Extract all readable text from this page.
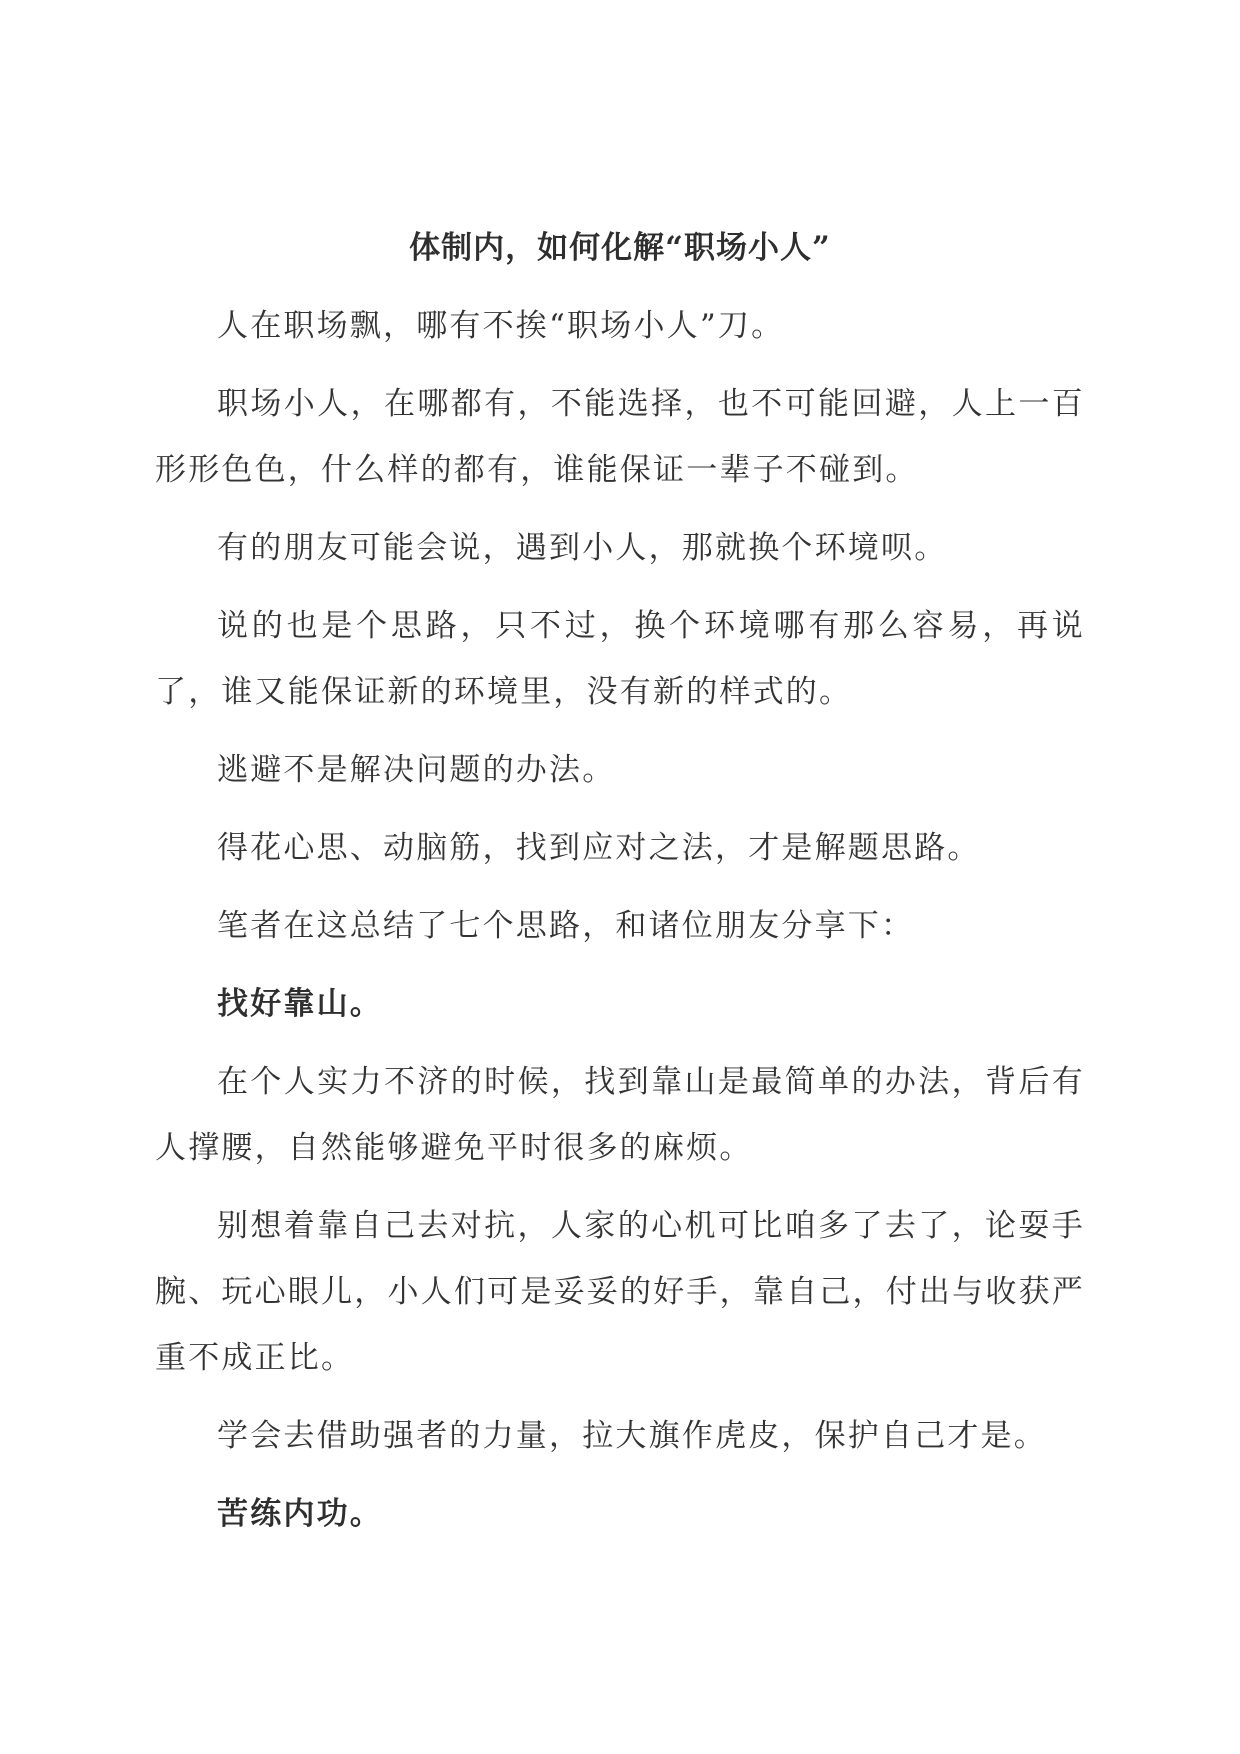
体制内，如何化解“职场小人”

人在职场飘，哪有不挨“职场小人”刀。

职场小人，在哪都有，不能选择，也不可能回避，人上一百形形色色，什么样的都有，谁能保证一辈子不碰到。

有的朋友可能会说，遇到小人，那就换个环境呗。

说的也是个思路，只不过，换个环境哪有那么容易，再说了，谁又能保证新的环境里，没有新的样式的。

逃避不是解决问题的办法。

得花心思、动脑筋，找到应对之法，才是解题思路。

笔者在这总结了七个思路，和诸位朋友分享下：

找好靠山。

在个人实力不济的时候，找到靠山是最简单的办法，背后有人撑腰，自然能够避免平时很多的麻烦。

别想着靠自己去对抗，人家的心机可比咱多了去了，论耍手腕、玩心眼儿，小人们可是妥妥的好手，靠自己，付出与收获严重不成正比。

学会去借助强者的力量，拉大旗作虎皮，保护自己才是。

苦练内功。
